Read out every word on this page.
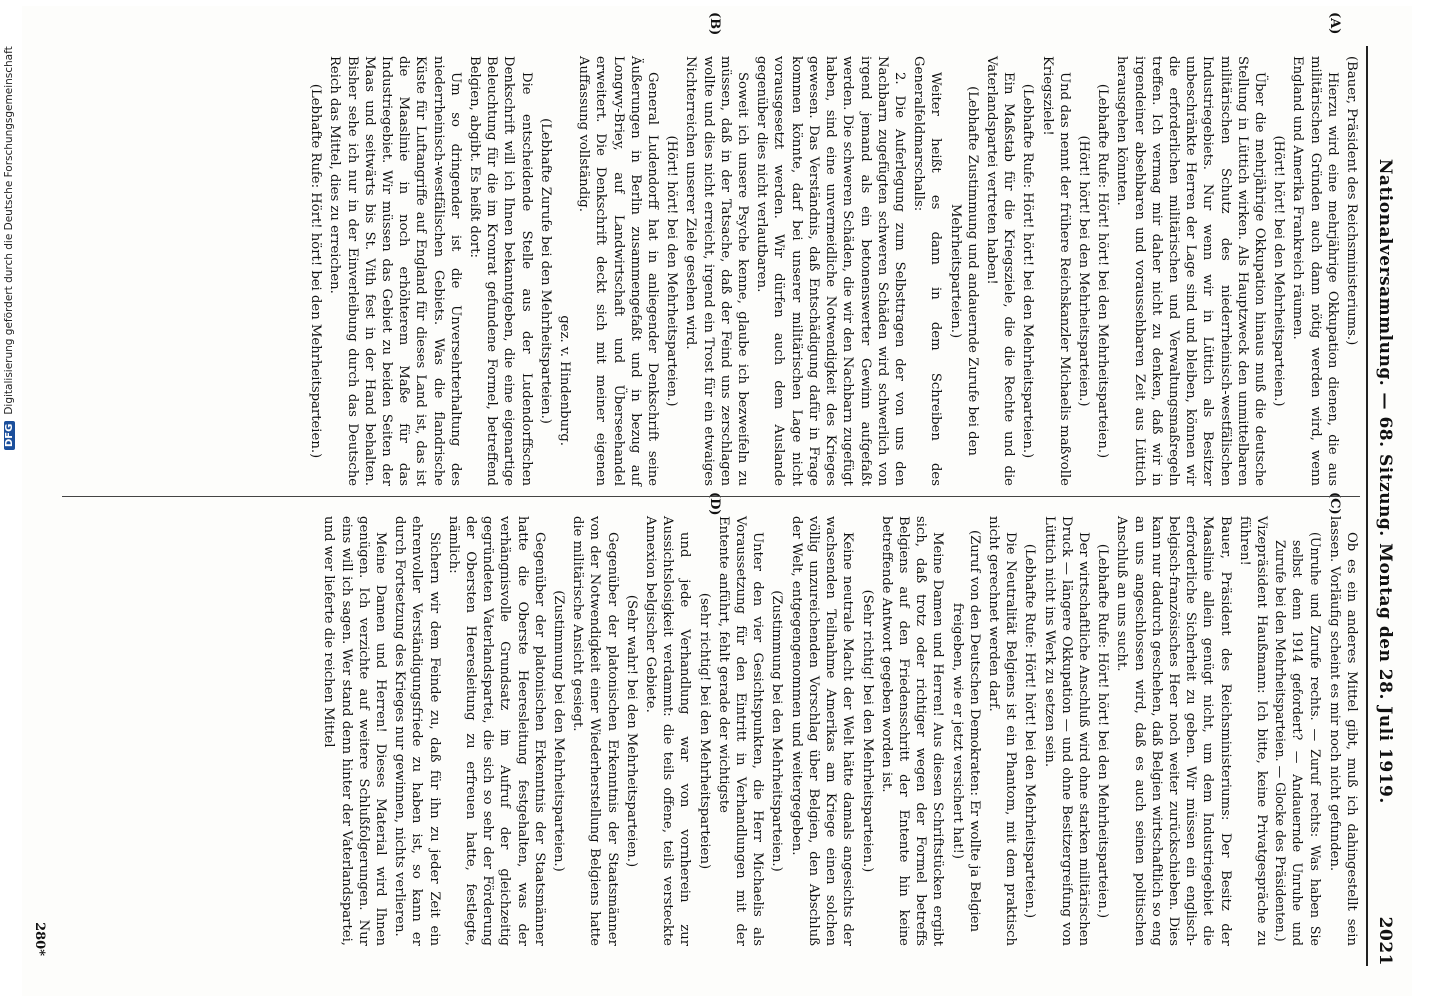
Nationalversammlung. — 68. Sitzung. Montag den 28. Juli 1919.
2021
(A)
(B)
(C)
(D)

(Bauer, Präsident des Reichsministeriums.)

Hierzu wird eine mehrjährige Okkupation dienen, die aus militärischen Gründen auch dann nötig werden wird, wenn England und Amerika Frankreich räumen.

(Hört! hört! bei den Mehrheitsparteien.)

Über die mehrjährige Okkupation hinaus muß die deutsche Stellung in Lüttich wirken. Als Hauptzweck den unmittelbaren militärischen Schutz des niederrheinisch-westfälischen Industriegebiets. Nur wenn wir in Lüttich als Besitzer unbeschränkte Herren der Lage sind und bleiben, können wir die erforderlichen militärischen und Verwaltungsmaßregeln treffen. Ich vermag mir daher nicht zu denken, daß wir in irgendeiner absehbaren und voraussehbaren Zeit aus Lüttich herausgehen könnten.

(Lebhafte Rufe: Hört! hört! bei den Mehrheitsparteien.)

(Hört! hört! bei den Mehrheitsparteien.)

Und das nennt der frühere Reichskanzler Michaelis maßvolle Kriegsziele!

(Lebhafte Rufe: Hört! hört! bei den Mehrheitsparteien.)

Ein Maßstab für die Kriegsziele, die die Rechte und die Vaterlandspartei vertreten haben!

(Lebhafte Zustimmung und andauernde Zurufe bei den Mehrheitsparteien.)

Weiter heißt es dann in dem Schreiben des Generalfeldmarschalls:

2. Die Auferlegung zum Selbsttragen der von uns den Nachbarn zugefügten schweren Schäden wird schwerlich von irgend jemand als ein betonenswerter Gewinn aufgefaßt werden. Die schweren Schäden, die wir den Nachbarn zugefügt haben, sind eine unvermeidliche Notwendigkeit des Krieges gewesen. Das Verständnis, daß Entschädigung dafür in Frage kommen könnte, darf bei unserer militärischen Lage nicht vorausgesetzt werden. Wir dürfen auch dem Auslande gegenüber dies nicht verlautbaren.

Soweit ich unsere Psyche kenne, glaube ich bezweifeln zu müssen, daß in der Tatsache, daß der Feind uns zerschlagen wollte und dies nicht erreicht, irgend ein Trost für ein etwaiges Nichterreichen unserer Ziele gesehen wird.

(Hört! hört! bei den Mehrheitsparteien.)

General Ludendorff hat in anliegender Denkschrift seine Äußerungen in Berlin zusammengefaßt und in bezug auf Longwy-Briey, auf Landwirtschaft und Überseehandel erweitert. Die Denkschrift deckt sich mit meiner eigenen Auffassung vollständig.

gez. v. Hindenburg.

(Lebhafte Zurufe bei den Mehrheitsparteien.)

Die entscheidende Stelle aus der Ludendorffschen Denkschrift will ich Ihnen bekanntgeben, die eine eigenartige Beleuchtung für die im Kronrat gefundene Formel, betreffend Belgien, abgibt. Es heißt dort:

Um so dringender ist die Unversehrterhaltung des niederrheinisch-westfälischen Gebiets. Was die flandrische Küste für Luftangriffe auf England für dieses Land ist, das ist die Maaslinie in noch erhöhterem Maße für das Industriegebiet. Wir müssen das Gebiet zu beiden Seiten der Maas und seitwärts bis St. Vith fest in der Hand behalten. Bisher sehe ich nur in der Einverleibung durch das Deutsche Reich das Mittel, dies zu erreichen.

(Lebhafte Rufe: Hört! hört! bei den Mehrheitsparteien.)

Ob es ein anderes Mittel gibt, muß ich dahingestellt sein lassen. Vorläufig scheint es mir noch nicht gefunden.

(Unruhe und Zurufe rechts. — Zuruf rechts: Was haben Sie selbst denn 1914 gefordert? — Andauernde Unruhe und Zurufe bei den Mehrheitsparteien. — Glocke des Präsidenten.)

Vizepräsident Haußmann: Ich bitte, keine Privatgespräche zu führen!

Bauer, Präsident des Reichsministeriums: Der Besitz der Maaslinie allein genügt nicht, um dem Industriegebiet die erforderliche Sicherheit zu geben. Wir müssen ein englisch-belgisch-französisches Heer noch weiter zurückschieben. Dies kann nur dadurch geschehen, daß Belgien wirtschaftlich so eng an uns angeschlossen wird, daß es auch seinen politischen Anschluß an uns sucht.

(Lebhafte Rufe: Hört! hört! bei den Mehrheitsparteien.)

Der wirtschaftliche Anschluß wird ohne starken militärischen Druck — längere Okkupation — und ohne Besitzergreifung von Lüttich nicht ins Werk zu setzen sein.

(Lebhafte Rufe: Hört! hört! bei den Mehrheitsparteien.)

Die Neutralität Belgiens ist ein Phantom, mit dem praktisch nicht gerechnet werden darf.

(Zuruf von den Deutschen Demokraten: Er wollte ja Belgien freigeben, wie er jetzt versichert hat!)

Meine Damen und Herren! Aus diesen Schriftstücken ergibt sich, daß trotz oder richtiger wegen der Formel betreffs Belgiens auf den Friedensschritt der Entente hin keine betreffende Antwort gegeben worden ist.

(Sehr richtig! bei den Mehrheitsparteien.)

Keine neutrale Macht der Welt hätte damals angesichts der wachsenden Teilnahme Amerikas am Kriege einen solchen völlig unzureichenden Vorschlag über Belgien, den Abschluß der Welt, entgegengenommen und weitergegeben.

(Zustimmung bei den Mehrheitsparteien.)

Unter den vier Gesichtspunkten, die Herr Michaelis als Voraussetzung für den Eintritt in Verhandlungen mit der Entente anführt, fehlt gerade der wichtigste

(sehr richtig! bei den Mehrheitsparteien)

und jede Verhandlung war von vornherein zur Aussichtslosigkeit verdammt: die teils offene, teils versteckte Annexion belgischer Gebiete.

(Sehr wahr! bei den Mehrheitsparteien.)

Gegenüber der platonischen Erkenntnis der Staatsmänner von der Notwendigkeit einer Wiederherstellung Belgiens hatte die militärische Ansicht gesiegt.

(Zustimmung bei den Mehrheitsparteien.)

Gegenüber der platonischen Erkenntnis der Staatsmänner hatte die Oberste Heeresleitung festgehalten, was der verhängnisvolle Grundsatz im Aufruf der gleichzeitig gegründeten Vaterlandspartei, die sich so sehr der Förderung der Obersten Heeresleitung zu erfreuen hatte, festlegte, nämlich:

Sichern wir dem Feinde zu, daß für ihn zu jeder Zeit ein ehrenvoller Verständigungsfriede zu haben ist, so kann er durch Fortsetzung des Krieges nur gewinnen, nichts verlieren.

Meine Damen und Herren! Dieses Material wird Ihnen genügen. Ich verzichte auf weitere Schlußfolgerungen. Nur eins will ich sagen. Wer stand denn hinter der Vaterlandspartei, und wer lieferte die reichen Mittel

280*
DFG
Digitalisierung gefördert durch die Deutsche Forschungsgemeinschaft
